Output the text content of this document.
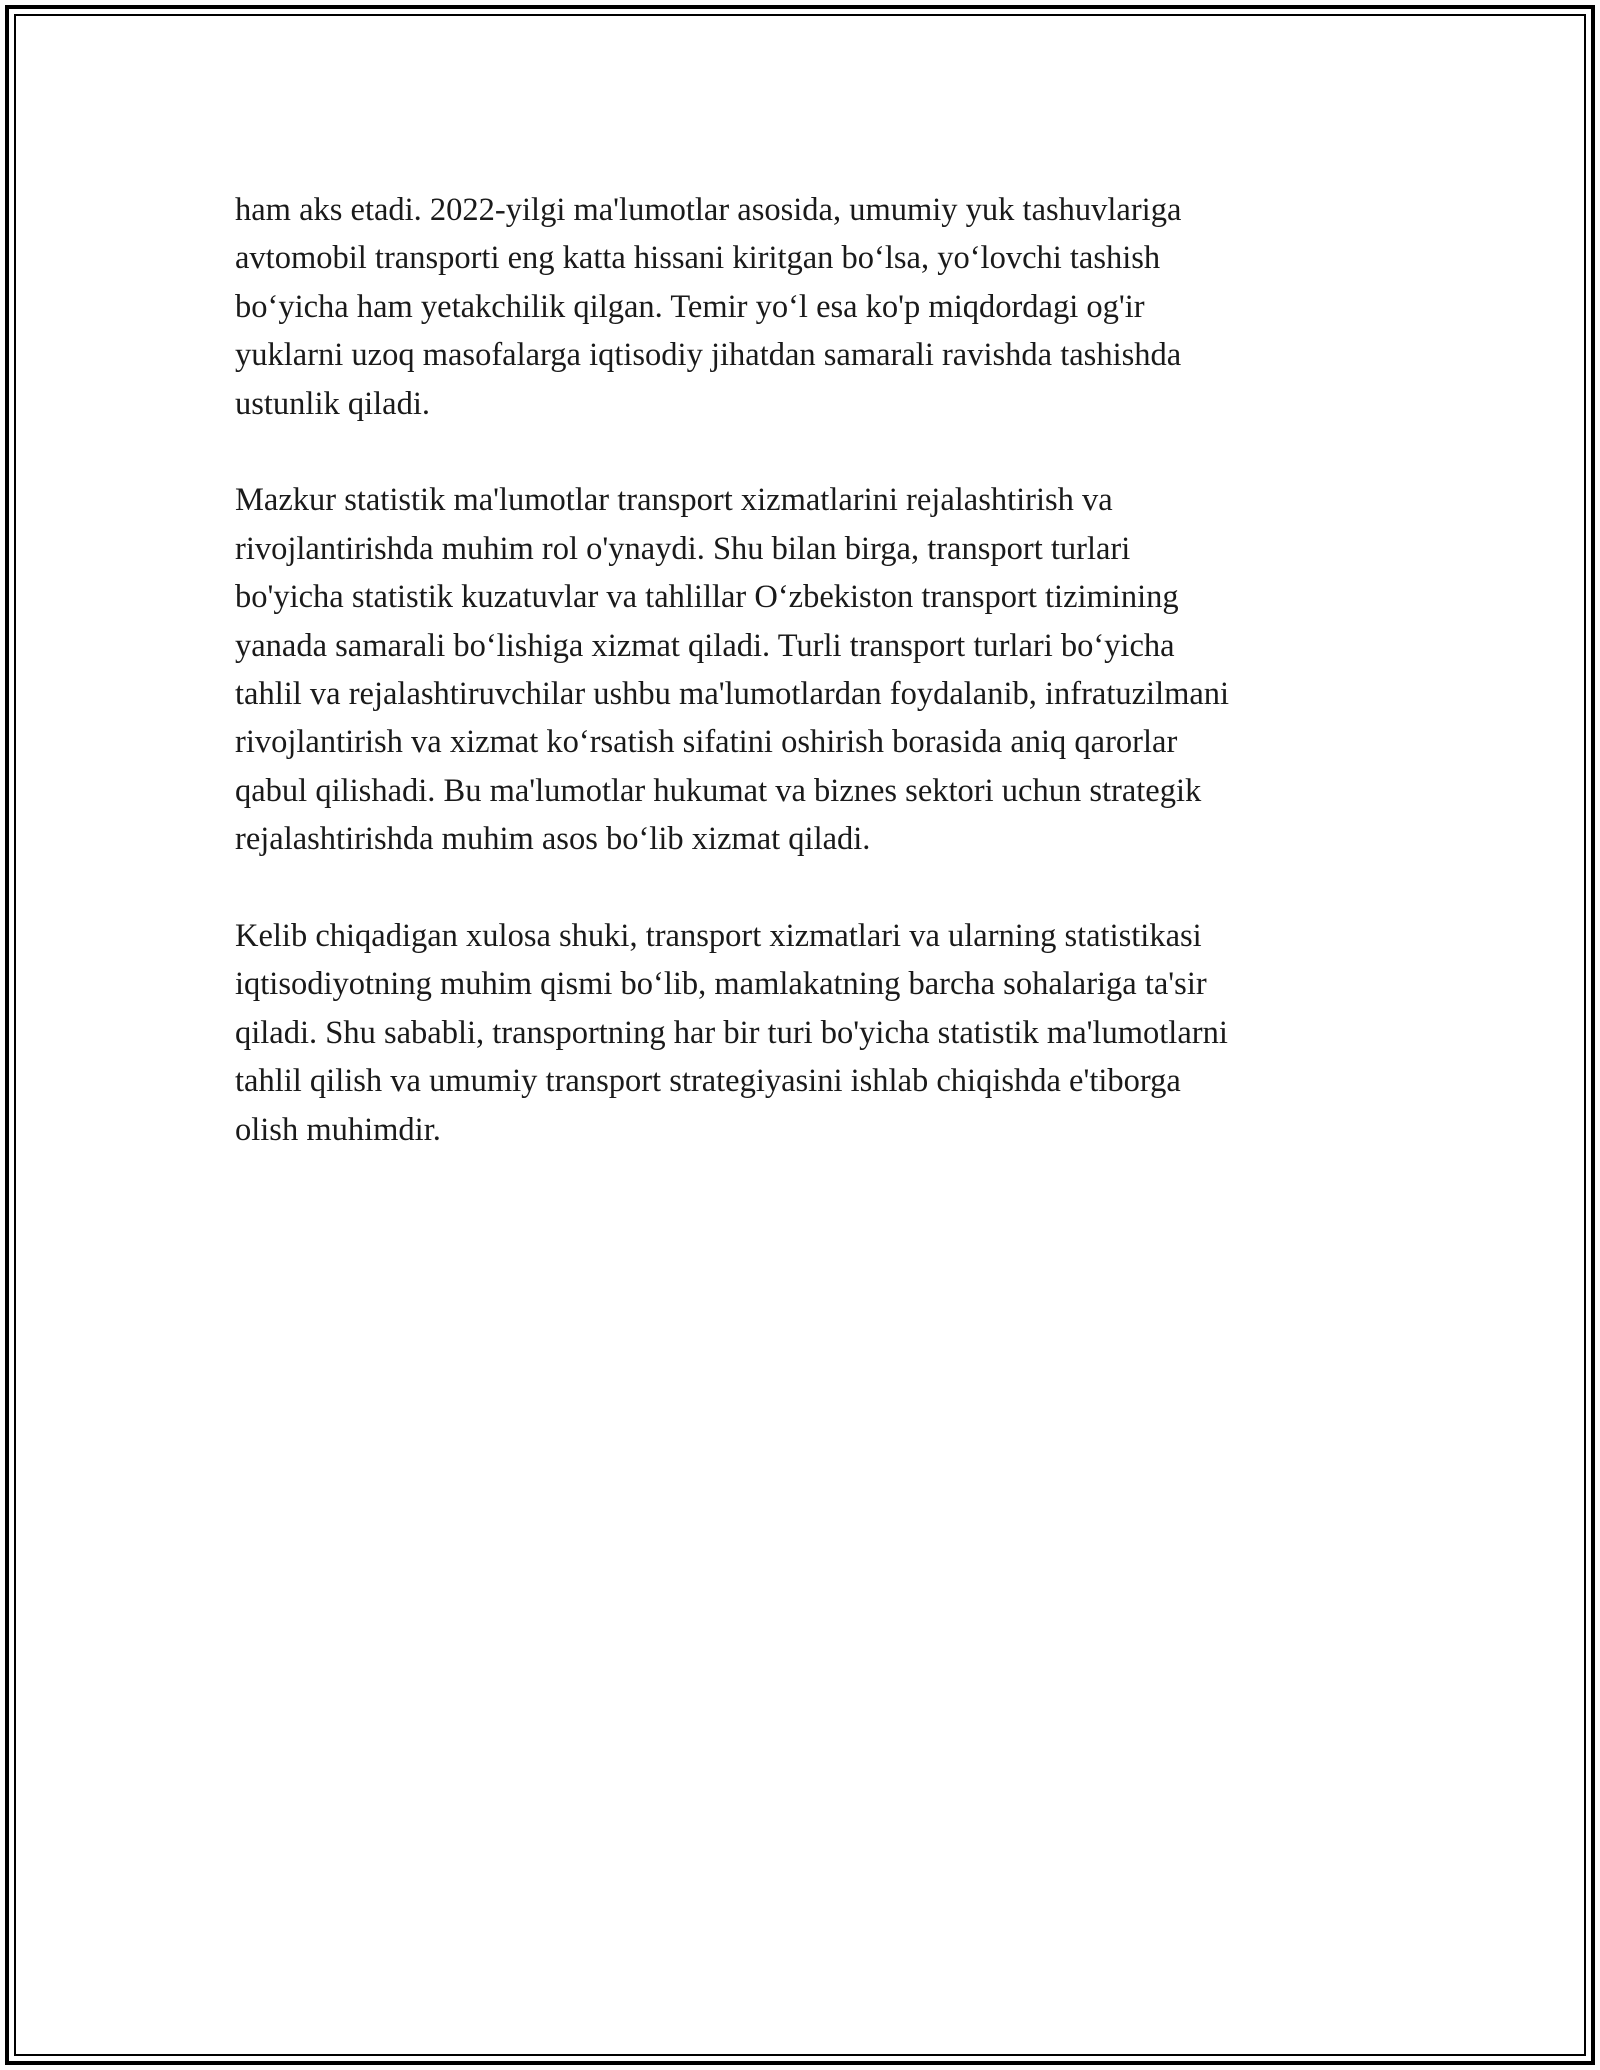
ham aks etadi. 2022-yilgi ma'lumotlar asosida, umumiy yuk tashuvlariga
avtomobil transporti eng katta hissani kiritgan bo‘lsa, yo‘lovchi tashish
bo‘yicha ham yetakchilik qilgan. Temir yo‘l esa ko'p miqdordagi og'ir
yuklarni uzoq masofalarga iqtisodiy jihatdan samarali ravishda tashishda
ustunlik qiladi.

Mazkur statistik ma'lumotlar transport xizmatlarini rejalashtirish va
rivojlantirishda muhim rol o'ynaydi. Shu bilan birga, transport turlari
bo'yicha statistik kuzatuvlar va tahlillar O‘zbekiston transport tizimining
yanada samarali bo‘lishiga xizmat qiladi. Turli transport turlari bo‘yicha
tahlil va rejalashtiruvchilar ushbu ma'lumotlardan foydalanib, infratuzilmani
rivojlantirish va xizmat ko‘rsatish sifatini oshirish borasida aniq qarorlar
qabul qilishadi. Bu ma'lumotlar hukumat va biznes sektori uchun strategik
rejalashtirishda muhim asos bo‘lib xizmat qiladi.

Kelib chiqadigan xulosa shuki, transport xizmatlari va ularning statistikasi
iqtisodiyotning muhim qismi bo‘lib, mamlakatning barcha sohalariga ta'sir
qiladi. Shu sababli, transportning har bir turi bo'yicha statistik ma'lumotlarni
tahlil qilish va umumiy transport strategiyasini ishlab chiqishda e'tiborga
olish muhimdir.
